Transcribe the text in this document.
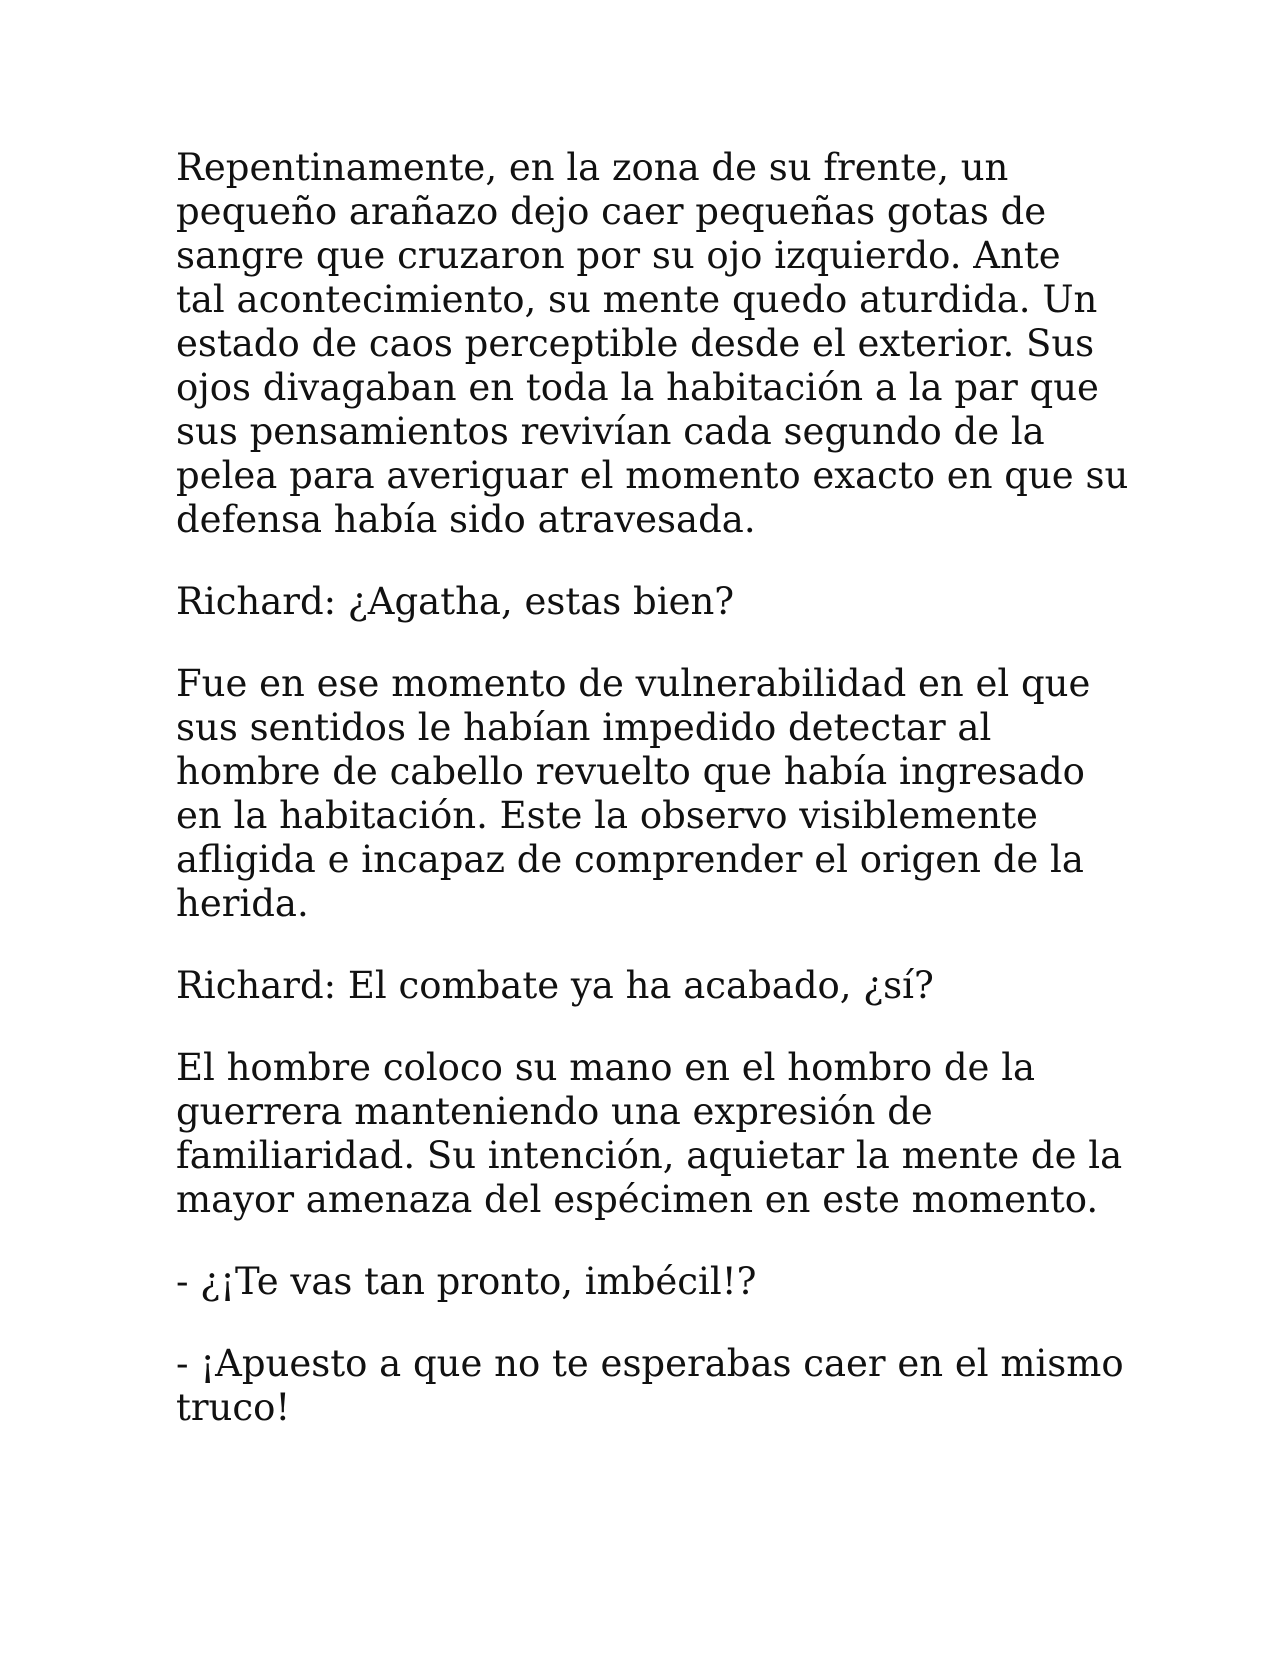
Repentinamente, en la zona de su frente, un
pequeño arañazo dejo caer pequeñas gotas de
sangre que cruzaron por su ojo izquierdo. Ante
tal acontecimiento, su mente quedo aturdida. Un
estado de caos perceptible desde el exterior. Sus
ojos divagaban en toda la habitación a la par que
sus pensamientos revivían cada segundo de la
pelea para averiguar el momento exacto en que su
defensa había sido atravesada.

Richard: ¿Agatha, estas bien?

Fue en ese momento de vulnerabilidad en el que
sus sentidos le habían impedido detectar al
hombre de cabello revuelto que había ingresado
en la habitación. Este la observo visiblemente
afligida e incapaz de comprender el origen de la
herida.

Richard: El combate ya ha acabado, ¿sí?

El hombre coloco su mano en el hombro de la
guerrera manteniendo una expresión de
familiaridad. Su intención, aquietar la mente de la
mayor amenaza del espécimen en este momento.

- ¿¡Te vas tan pronto, imbécil!?

- ¡Apuesto a que no te esperabas caer en el mismo
truco!
